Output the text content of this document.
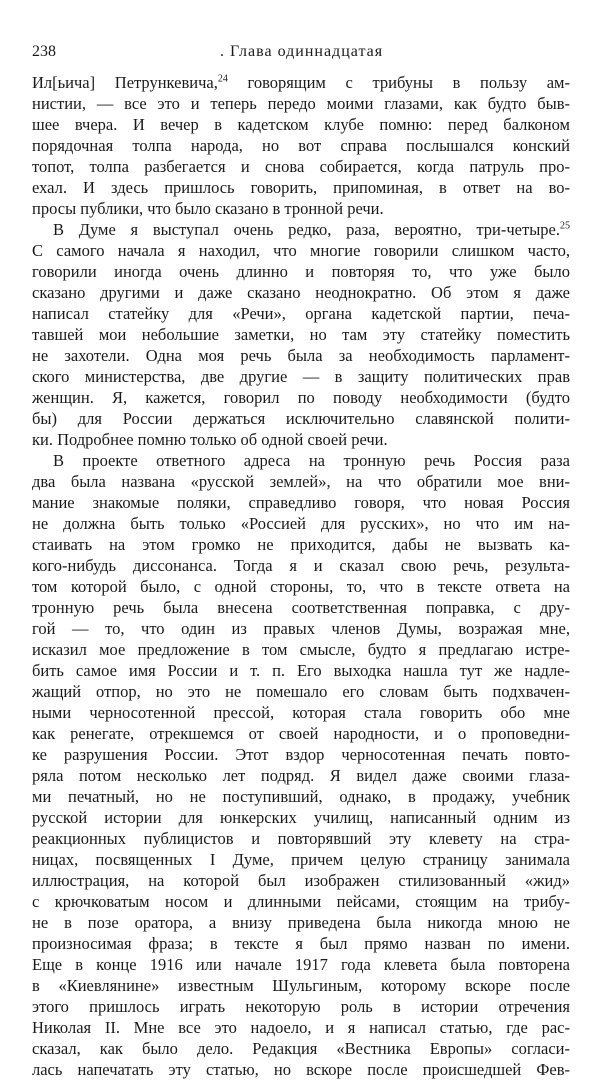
238	. Глава одиннадцатая
Ил[ьича] Петрункевича,$^{24}$ говорящим с трибуны в пользу ам-
нистии, — все это и теперь передо моими глазами, как будто быв-
шее вчера. И вечер в кадетском клубе помню: перед балконом
порядочная толпа народа, но вот справа послышался конский
топот, толпа разбегается и снова собирается, когда патруль про-
ехал. И здесь пришлось говорить, припоминая, в ответ на во-
просы публики, что было сказано в тронной речи.
В Думе я выступал очень редко, раза, вероятно, три-четыре.$^{25}$
С самого начала я находил, что многие говорили слишком часто,
говорили иногда очень длинно и повторяя то, что уже было
сказано другими и даже сказано неоднократно. Об этом я даже
написал статейку для «Речи», органа кадетской партии, печа-
тавшей мои небольшие заметки, но там эту статейку поместить
не захотели. Одна моя речь была за необходимость парламент-
ского министерства, две другие — в защиту политических прав
женщин. Я, кажется, говорил по поводу необходимости (будто
бы) для России держаться исключительно славянской полити-
ки. Подробнее помню только об одной своей речи.
В проекте ответного адреса на тронную речь Россия раза
два была названа «русской землей», на что обратили мое вни-
мание знакомые поляки, справедливо говоря, что новая Россия
не должна быть только «Россией для русских», но что им на-
стаивать на этом громко не приходится, дабы не вызвать ка-
кого-нибудь диссонанса. Тогда я и сказал свою речь, результа-
том которой было, с одной стороны, то, что в тексте ответа на
тронную речь была внесена соответственная поправка, с дру-
гой — то, что один из правых членов Думы, возражая мне,
исказил мое предложение в том смысле, будто я предлагаю истре-
бить самое имя России и т. п. Его выходка нашла тут же надле-
жащий отпор, но это не помешало его словам быть подхвачен-
ными черносотенной прессой, которая стала говорить обо мне
как ренегате, отрекшемся от своей народности, и о проповедни-
ке разрушения России. Этот вздор черносотенная печать повто-
ряла потом несколько лет подряд. Я видел даже своими глаза-
ми печатный, но не поступивший, однако, в продажу, учебник
русской истории для юнкерских училищ, написанный одним из
реакционных публицистов и повторявший эту клевету на стра-
ницах, посвященных I Думе, причем целую страницу занимала
иллюстрация, на которой был изображен стилизованный «жид»
с крючковатым носом и длинными пейсами, стоящим на трибу-
не в позе оратора, а внизу приведена была никогда мною не
произносимая фраза; в тексте я был прямо назван по имени.
Еще в конце 1916 или начале 1917 года клевета была повторена
в «Киевлянине» известным Шульгиным, которому вскоре после
этого пришлось играть некоторую роль в истории отречения
Николая II. Мне все это надоело, и я написал статью, где рас-
сказал, как было дело. Редакция «Вестника Европы» согласи-
лась напечатать эту статью, но вскоре после происшедшей Фев-
